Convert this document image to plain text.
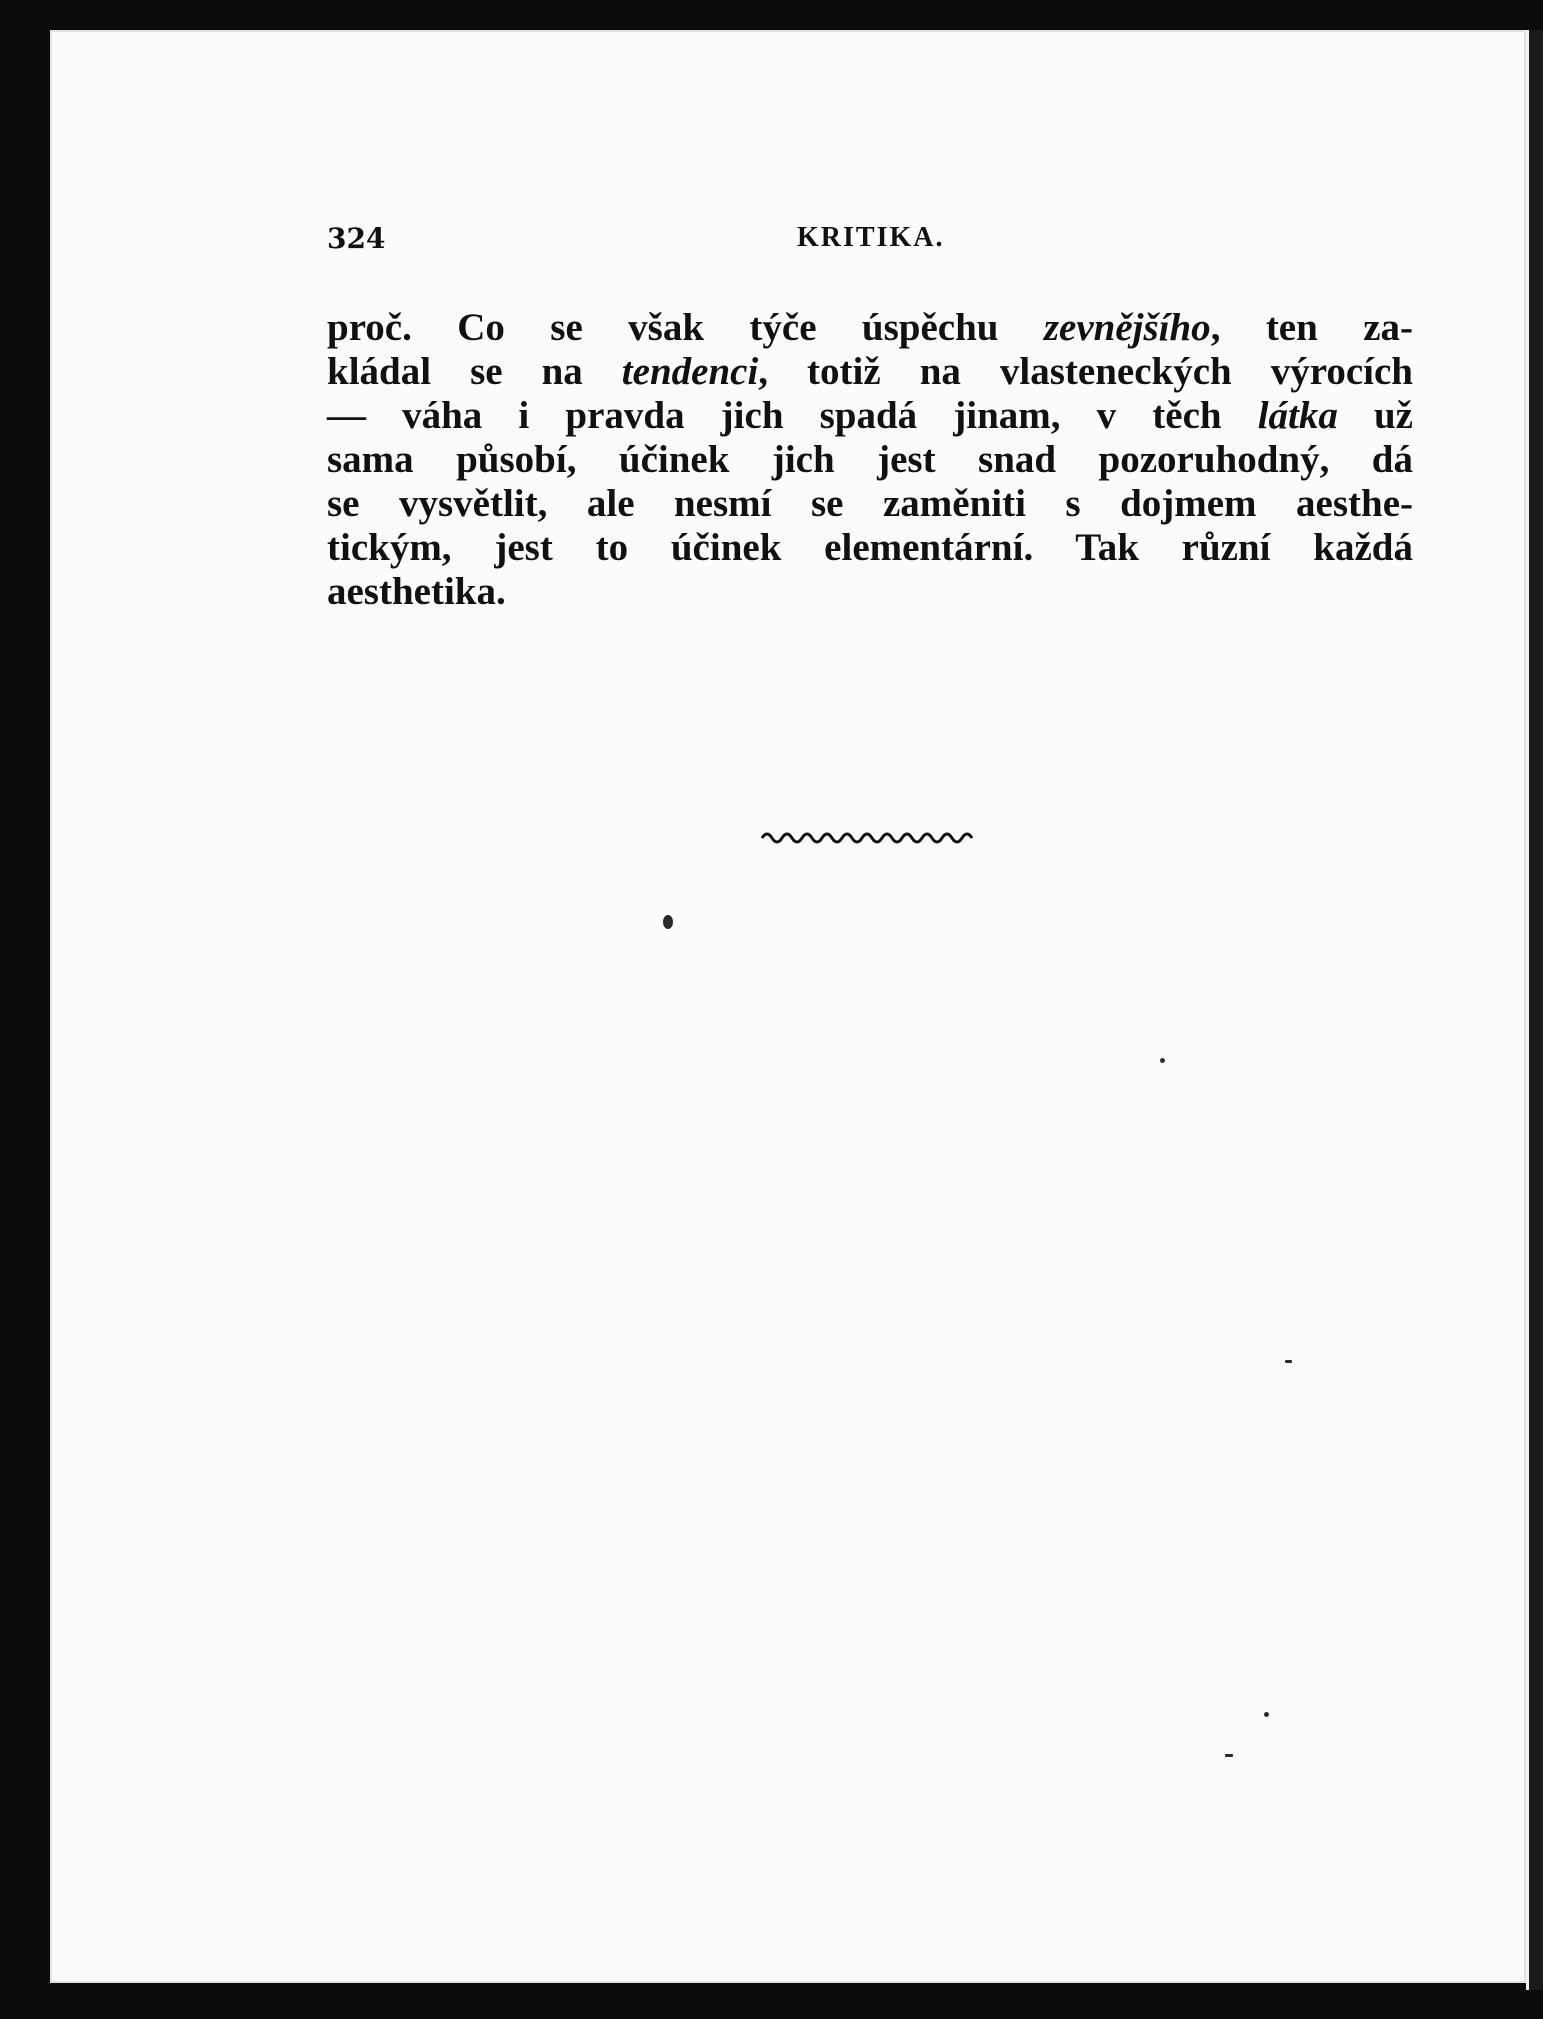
324	KRITIKA.
proč. Co se však týče úspěchu zevnějšího, ten za-
kládal se na tendenci, totiž na vlasteneckých výrocích
— váha i pravda jich spadá jinam, v těch látka už
sama působí, účinek jich jest snad pozoruhodný, dá
se vysvětlit, ale nesmí se zaměniti s dojmem aesthe-
tickým, jest to účinek elementární. Tak různí každá
aesthetika.
